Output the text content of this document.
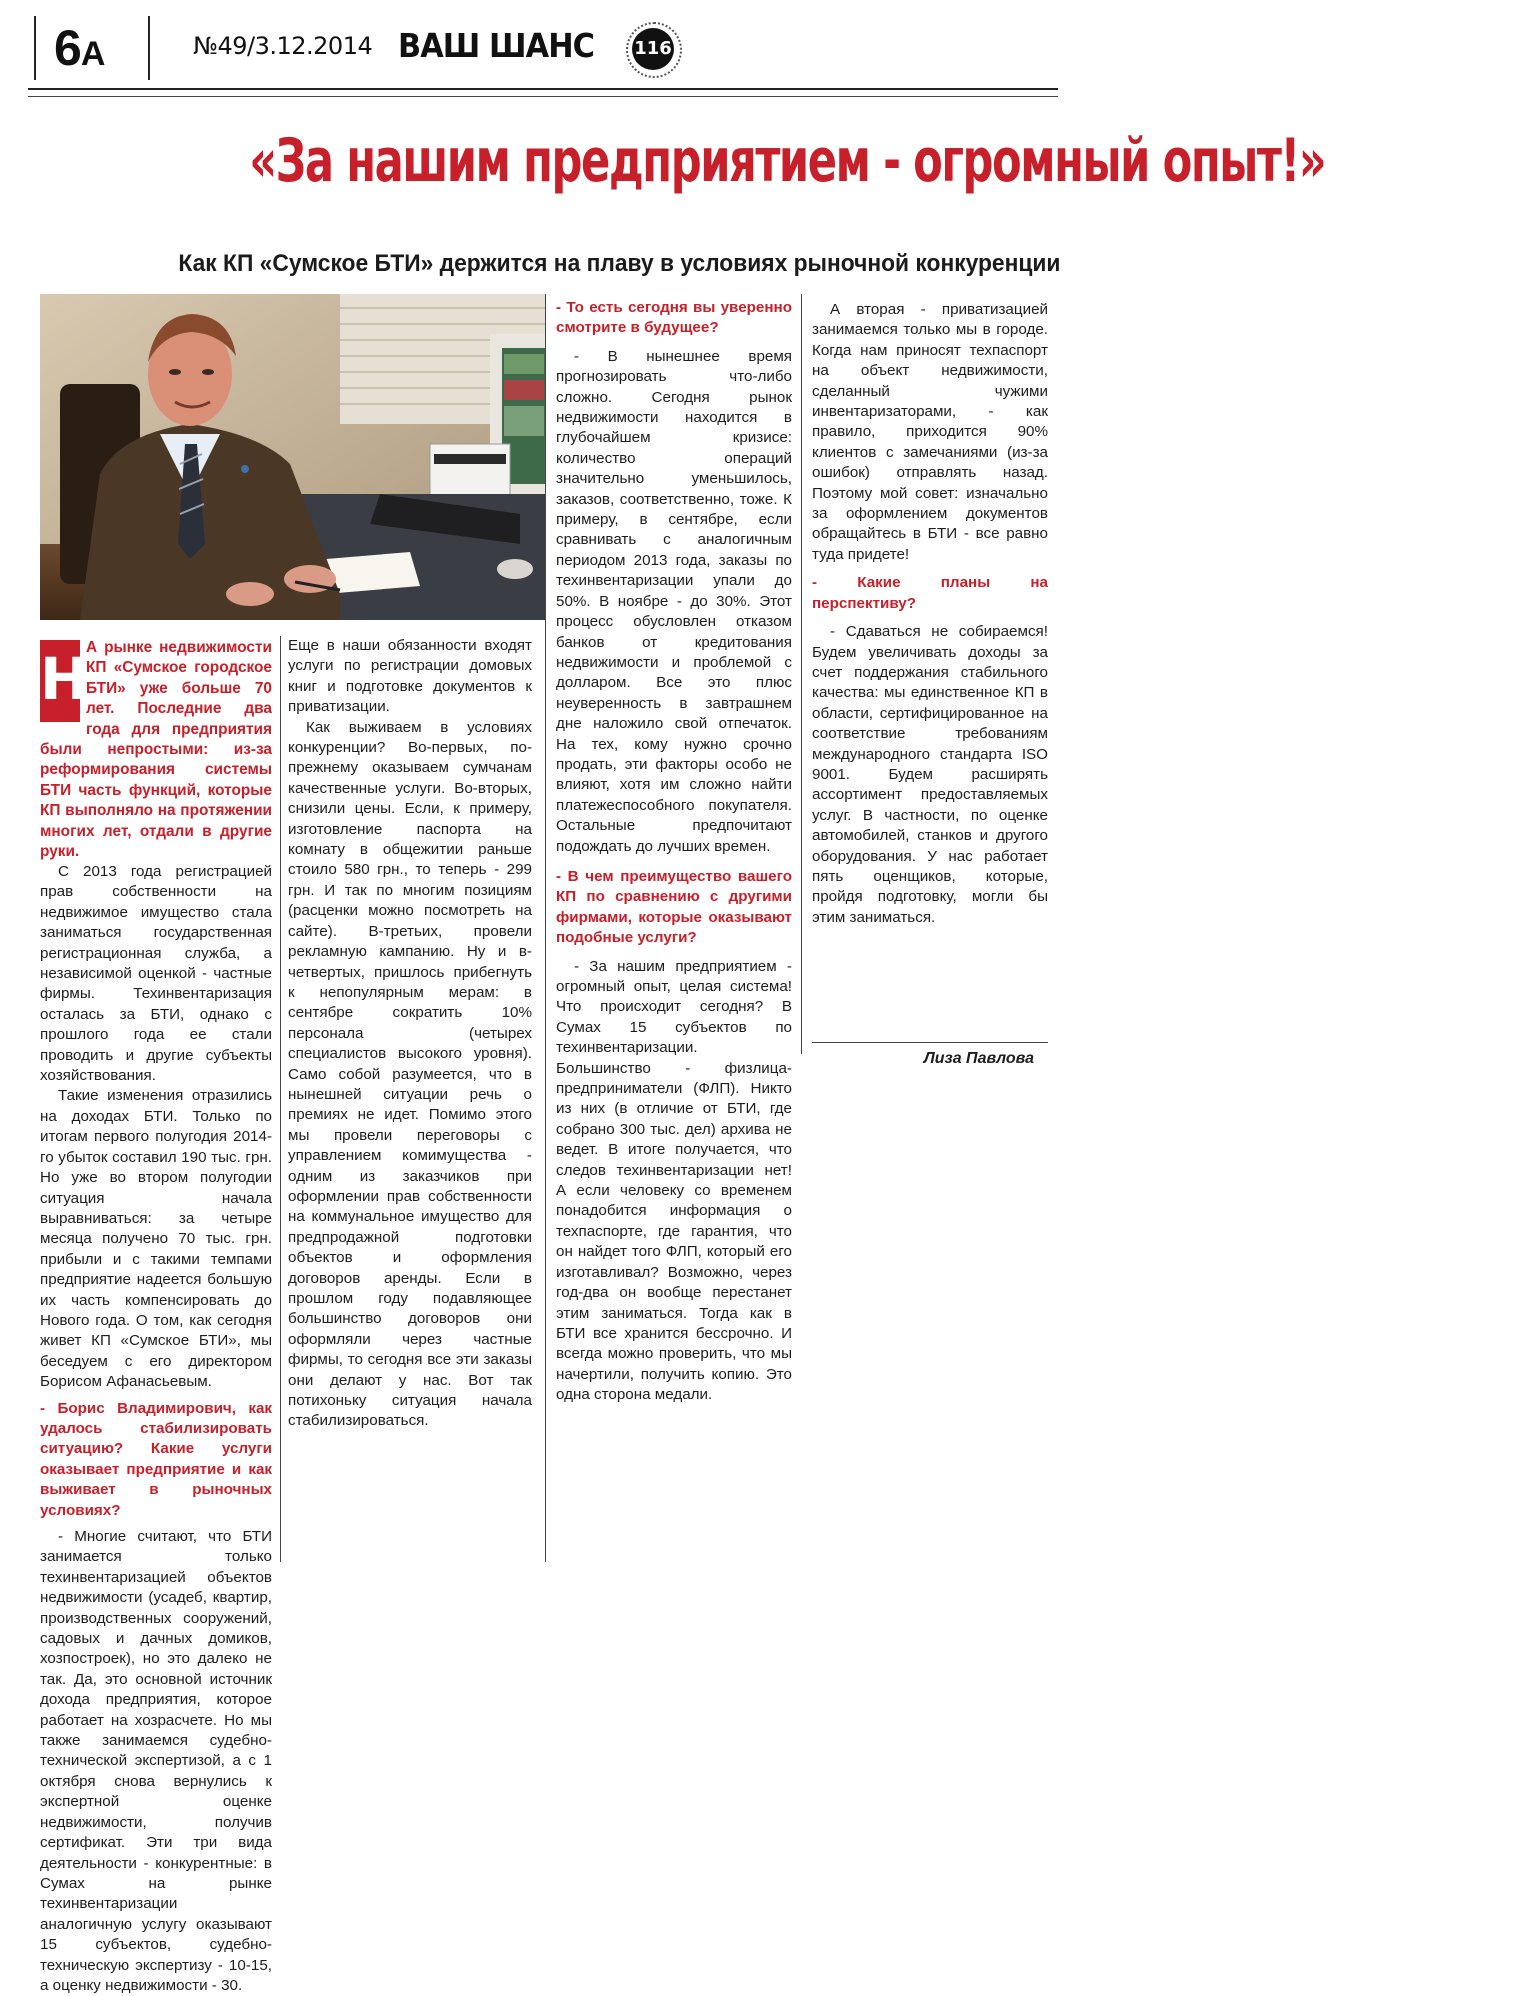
6А	№49/3.12.2014 ВАШ ШАНС 116
«За нашим предприятием - огромный опыт!»
Как КП «Сумское БТИ» держится на плаву в условиях рыночной конкуренции
Н
А рынке недвижимости КП «Сумское городское БТИ» уже больше 70 лет. Последние два года для предприятия были непростыми: из-за реформирования системы БТИ часть функций, которые КП выполняло на протяжении многих лет, отдали в другие руки.

С 2013 года регистрацией прав собственности на недвижимое имущество стала заниматься государственная регистрационная служба, а независимой оценкой - частные фирмы. Техинвентаризация осталась за БТИ, однако с прошлого года ее стали проводить и другие субъекты хозяйствования.

Такие изменения отразились на доходах БТИ. Только по итогам первого полугодия 2014-го убыток составил 190 тыс. грн. Но уже во втором полугодии ситуация начала выравниваться: за четыре месяца получено 70 тыс. грн. прибыли и с такими темпами предприятие надеется большую их часть компенсировать до Нового года. О том, как сегодня живет КП «Сумское БТИ», мы беседуем с его директором Борисом Афанасьевым.

- Борис Владимирович, как удалось стабилизировать ситуацию? Какие услуги оказывает предприятие и как выживает в рыночных условиях?

- Многие считают, что БТИ занимается только техинвентаризацией объектов недвижимости (усадеб, квартир, производственных сооружений, садовых и дачных домиков, хозпостроек), но это далеко не так. Да, это основной источник дохода предприятия, которое работает на хозрасчете. Но мы также занимаемся судебно-технической экспертизой, а с 1 октября снова вернулись к экспертной оценке недвижимости, получив сертификат. Эти три вида деятельности - конкурентные: в Сумах на рынке техинвентаризации аналогичную услугу оказывают 15 субъектов, судебно-техническую экспертизу - 10-15, а оценку недвижимости - 30.

Еще в наши обязанности входят услуги по регистрации домовых книг и подготовке документов к приватизации.

Как выживаем в условиях конкуренции? Во-первых, по-прежнему оказываем сумчанам качественные услуги. Во-вторых, снизили цены. Если, к примеру, изготовление паспорта на комнату в общежитии раньше стоило 580 грн., то теперь - 299 грн. И так по многим позициям (расценки можно посмотреть на сайте). В-третьих, провели рекламную кампанию. Ну и в-четвертых, пришлось прибегнуть к непопулярным мерам: в сентябре сократить 10% персонала (четырех специалистов высокого уровня). Само собой разумеется, что в нынешней ситуации речь о премиях не идет. Помимо этого мы провели переговоры с управлением комимущества - одним из заказчиков при оформлении прав собственности на коммунальное имущество для предпродажной подготовки объектов и оформления договоров аренды. Если в прошлом году подавляющее большинство договоров они оформляли через частные фирмы, то сегодня все эти заказы они делают у нас. Вот так потихоньку ситуация начала стабилизироваться.

- То есть сегодня вы уверенно смотрите в будущее?

- В нынешнее время прогнозировать что-либо сложно. Сегодня рынок недвижимости находится в глубочайшем кризисе: количество операций значительно уменьшилось, заказов, соответственно, тоже. К примеру, в сентябре, если сравнивать с аналогичным периодом 2013 года, заказы по техинвентаризации упали до 50%. В ноябре - до 30%. Этот процесс обусловлен отказом банков от кредитования недвижимости и проблемой с долларом. Все это плюс неуверенность в завтрашнем дне наложило свой отпечаток. На тех, кому нужно срочно продать, эти факторы особо не влияют, хотя им сложно найти платежеспособного покупателя. Остальные предпочитают подождать до лучших времен.

- В чем преимущество вашего КП по сравнению с другими фирмами, которые оказывают подобные услуги?

- За нашим предприятием - огромный опыт, целая система! Что происходит сегодня? В Сумах 15 субъектов по техинвентаризации. Большинство - физлица-предприниматели (ФЛП). Никто из них (в отличие от БТИ, где собрано 300 тыс. дел) архива не ведет. В итоге получается, что следов техинвентаризации нет! А если человеку со временем понадобится информация о техпаспорте, где гарантия, что он найдет того ФЛП, который его изготавливал? Возможно, через год-два он вообще перестанет этим заниматься. Тогда как в БТИ все хранится бессрочно. И всегда можно проверить, что мы начертили, получить копию. Это одна сторона медали.

А вторая - приватизацией занимаемся только мы в городе. Когда нам приносят техпаспорт на объект недвижимости, сделанный чужими инвентаризаторами, - как правило, приходится 90% клиентов с замечаниями (из-за ошибок) отправлять назад. Поэтому мой совет: изначально за оформлением документов обращайтесь в БТИ - все равно туда придете!

- Какие планы на перспективу?

- Сдаваться не собираемся! Будем увеличивать доходы за счет поддержания стабильного качества: мы единственное КП в области, сертифицированное на соответствие требованиям международного стандарта ISO 9001. Будем расширять ассортимент предоставляемых услуг. В частности, по оценке автомобилей, станков и другого оборудования. У нас работает пять оценщиков, которые, пройдя подготовку, могли бы этим заниматься.

Лиза Павлова
